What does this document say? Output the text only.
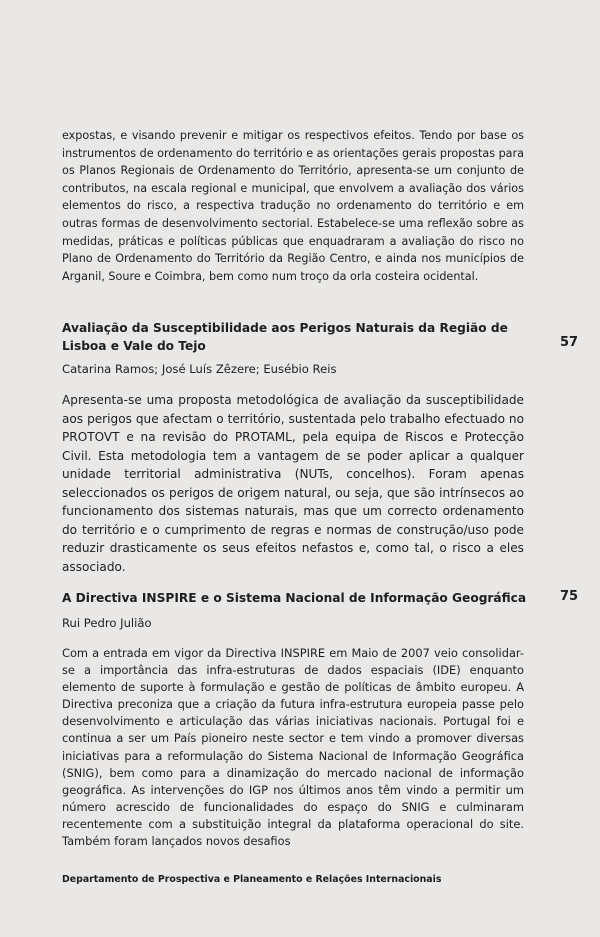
expostas, e visando prevenir e mitigar os respectivos efeitos. Tendo por base os instrumentos de ordenamento do território e as orientações gerais propostas para os Planos Regionais de Ordenamento do Território, apresenta-se um conjunto de contributos, na escala regional e municipal, que envolvem a avaliação dos vários elementos do risco, a respectiva tradução no ordenamento do território e em outras formas de desenvolvimento sectorial. Estabelece-se uma reflexão sobre as medidas, práticas e políticas públicas que enquadraram a avaliação do risco no Plano de Ordenamento do Território da Região Centro, e ainda nos municípios de Arganil, Soure e Coimbra, bem como num troço da orla costeira ocidental.

Avaliação da Susceptibilidade aos Perigos Naturais da Região de Lisboa e Vale do Tejo	57

Catarina Ramos; José Luís Zêzere; Eusébio Reis

Apresenta-se uma proposta metodológica de avaliação da susceptibilidade aos perigos que afectam o território, sustentada pelo trabalho efectuado no PROTOVT e na revisão do PROTAML, pela equipa de Riscos e Protecção Civil. Esta metodologia tem a vantagem de se poder aplicar a qualquer unidade territorial administrativa (NUTs, concelhos). Foram apenas seleccionados os perigos de origem natural, ou seja, que são intrínsecos ao funcionamento dos sistemas naturais, mas que um correcto ordenamento do território e o cumprimento de regras e normas de construção/uso pode reduzir drasticamente os seus efeitos nefastos e, como tal, o risco a eles associado.

A Directiva INSPIRE e o Sistema Nacional de Informação Geográfica	75

Rui Pedro Julião

Com a entrada em vigor da Directiva INSPIRE em Maio de 2007 veio consolidar-se a importância das infra-estruturas de dados espaciais (IDE) enquanto elemento de suporte à formulação e gestão de políticas de âmbito europeu. A Directiva preconiza que a criação da futura infra-estrutura europeia passe pelo desenvolvimento e articulação das várias iniciativas nacionais. Portugal foi e continua a ser um País pioneiro neste sector e tem vindo a promover diversas iniciativas para a reformulação do Sistema Nacional de Informação Geográfica (SNIG), bem como para a dinamização do mercado nacional de informação geográfica. As intervenções do IGP nos últimos anos têm vindo a permitir um número acrescido de funcionalidades do espaço do SNIG e culminaram recentemente com a substituição integral da plataforma operacional do site. Também foram lançados novos desafios

Departamento de Prospectiva e Planeamento e Relações Internacionais
